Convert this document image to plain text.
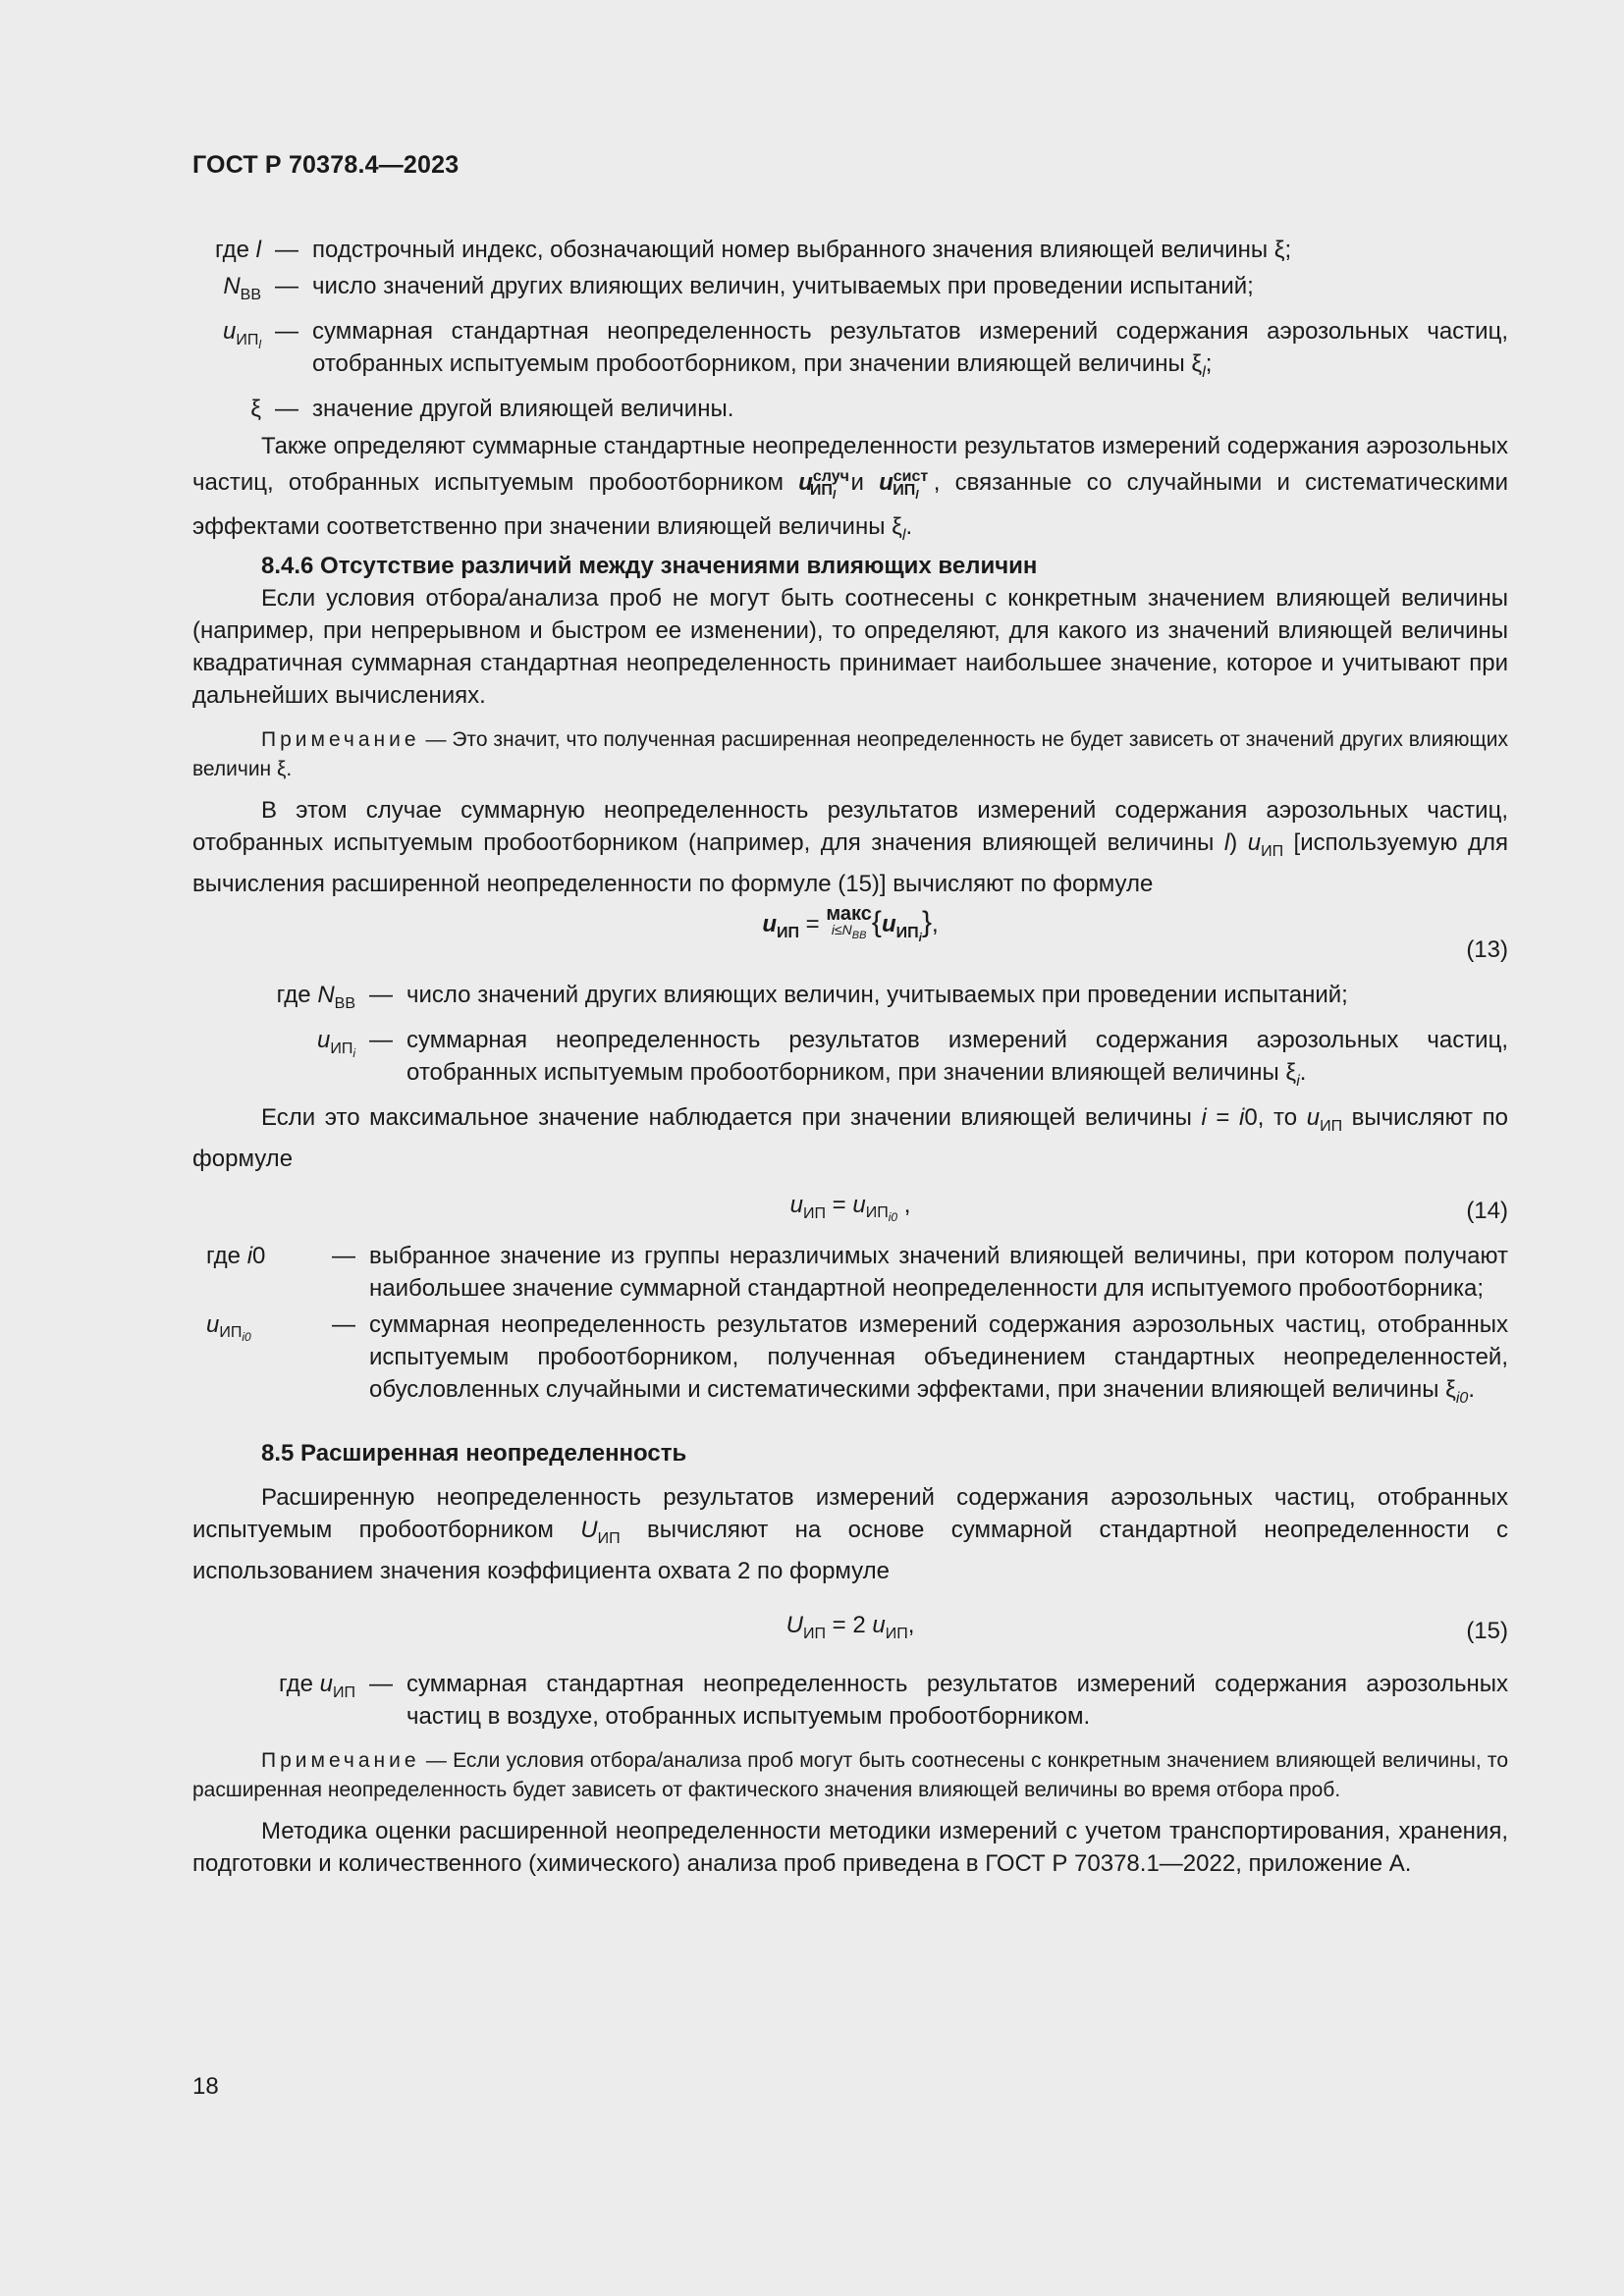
ГОСТ Р 70378.4—2023
где l — подстрочный индекс, обозначающий номер выбранного значения влияющей величины ξ;
$N_{ВВ}$ — число значений других влияющих величин, учитываемых при проведении испытаний;
$u_{ИП_l}$ — суммарная стандартная неопределенность результатов измерений содержания аэрозольных частиц, отобранных испытуемым пробоотборником, при значении влияющей величины $\xi_l$;
ξ — значение другой влияющей величины.

Также определяют суммарные стандартные неопределенности результатов измерений содержания аэрозольных частиц, отобранных испытуемым пробоотборником $u^{случ}_{ИП_l}$ и $u^{сист}_{ИП_l}$ , связанные со случайными и систематическими эффектами соответственно при значении влияющей величины $\xi_l$.

8.4.6 Отсутствие различий между значениями влияющих величин

Если условия отбора/анализа проб не могут быть соотнесены с конкретным значением влияющей величины (например, при непрерывном и быстром ее изменении), то определяют, для какого из значений влияющей величины квадратичная суммарная стандартная неопределенность принимает наибольшее значение, которое и учитывают при дальнейших вычислениях.

Примечание — Это значит, что полученная расширенная неопределенность не будет зависеть от значений других влияющих величин ξ.

В этом случае суммарную неопределенность результатов измерений содержания аэрозольных частиц, отобранных испытуемым пробоотборником (например, для значения влияющей величины l) $u_{ИП}$ [используемую для вычисления расширенной неопределенности по формуле (15)] вычисляют по формуле

$u_{ИП}$ = макс
$i\le N_{ВВ}$ $\{u_{ИП_i}\}$,
(13)
где $N_{ВВ}$ — число значений других влияющих величин, учитываемых при проведении испытаний;
$u_{ИП_i}$ — суммарная неопределенность результатов измерений содержания аэрозольных частиц, отобранных испытуемым пробоотборником, при значении влияющей величины $\xi_i$.

Если это максимальное значение наблюдается при значении влияющей величины i = i0, то $u_{ИП}$ вычисляют по формуле

$u_{ИП} = u_{ИП_{i0}}$ ,	(14)
где i0	— выбранное значение из группы неразличимых значений влияющей величины, при котором получают наибольшее значение суммарной стандартной неопределенности для испытуемого пробоотборника;
$u_{ИП_{i0}}$	— суммарная неопределенность результатов измерений содержания аэрозольных частиц, отобранных испытуемым пробоотборником, полученная объединением стандартных неопределенностей, обусловленных случайными и систематическими эффектами, при значении влияющей величины $\xi_{i0}$.

8.5 Расширенная неопределенность

Расширенную неопределенность результатов измерений содержания аэрозольных частиц, отобранных испытуемым пробоотборником $U_{ИП}$ вычисляют на основе суммарной стандартной неопределенности с использованием значения коэффициента охвата 2 по формуле

$U_{ИП} = 2$ $u_{ИП}$,	(15)
где $u_{ИП}$ — суммарная стандартная неопределенность результатов измерений содержания аэрозольных частиц в воздухе, отобранных испытуемым пробоотборником.

Примечание — Если условия отбора/анализа проб могут быть соотнесены с конкретным значением влияющей величины, то расширенная неопределенность будет зависеть от фактического значения влияющей величины во время отбора проб.

Методика оценки расширенной неопределенности методики измерений с учетом транспортирования, хранения, подготовки и количественного (химического) анализа проб приведена в ГОСТ Р 70378.1—2022, приложение А.

18
